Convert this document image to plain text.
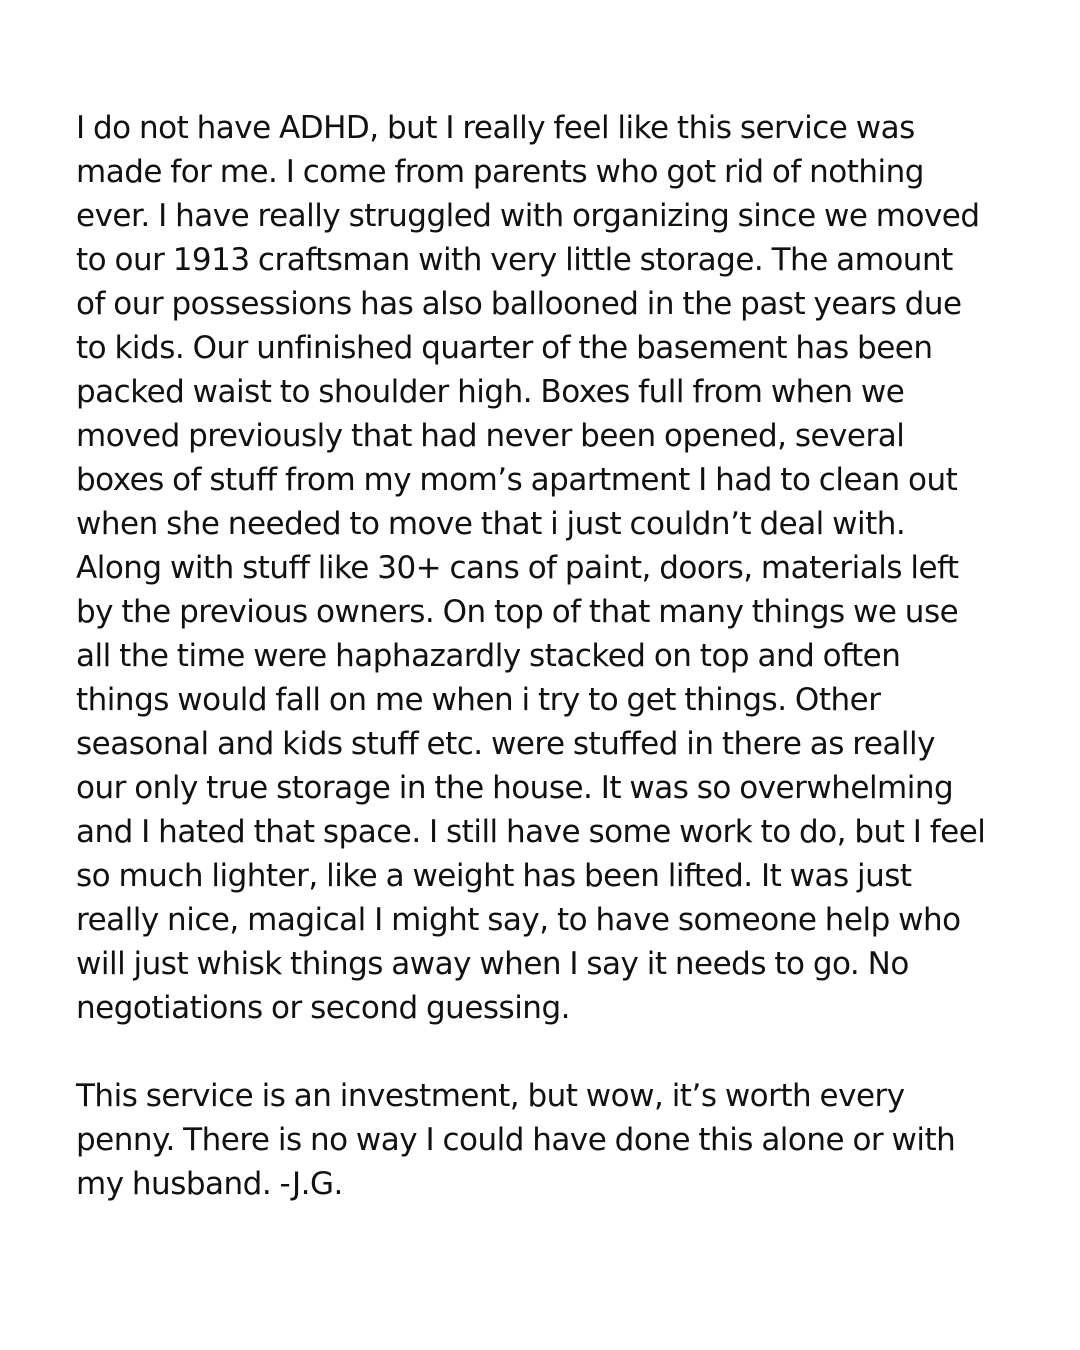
I do not have ADHD, but I really feel like this service was
made for me. I come from parents who got rid of nothing
ever. I have really struggled with organizing since we moved
to our 1913 craftsman with very little storage. The amount
of our possessions has also ballooned in the past years due
to kids. Our unfinished quarter of the basement has been
packed waist to shoulder high. Boxes full from when we
moved previously that had never been opened, several
boxes of stuff from my mom’s apartment I had to clean out
when she needed to move that i just couldn’t deal with.
Along with stuff like 30+ cans of paint, doors, materials left
by the previous owners. On top of that many things we use
all the time were haphazardly stacked on top and often
things would fall on me when i try to get things. Other
seasonal and kids stuff etc. were stuffed in there as really
our only true storage in the house. It was so overwhelming
and I hated that space. I still have some work to do, but I feel
so much lighter, like a weight has been lifted. It was just
really nice, magical I might say, to have someone help who
will just whisk things away when I say it needs to go. No
negotiations or second guessing.
This service is an investment, but wow, it’s worth every
penny. There is no way I could have done this alone or with
my husband. -J.G.
